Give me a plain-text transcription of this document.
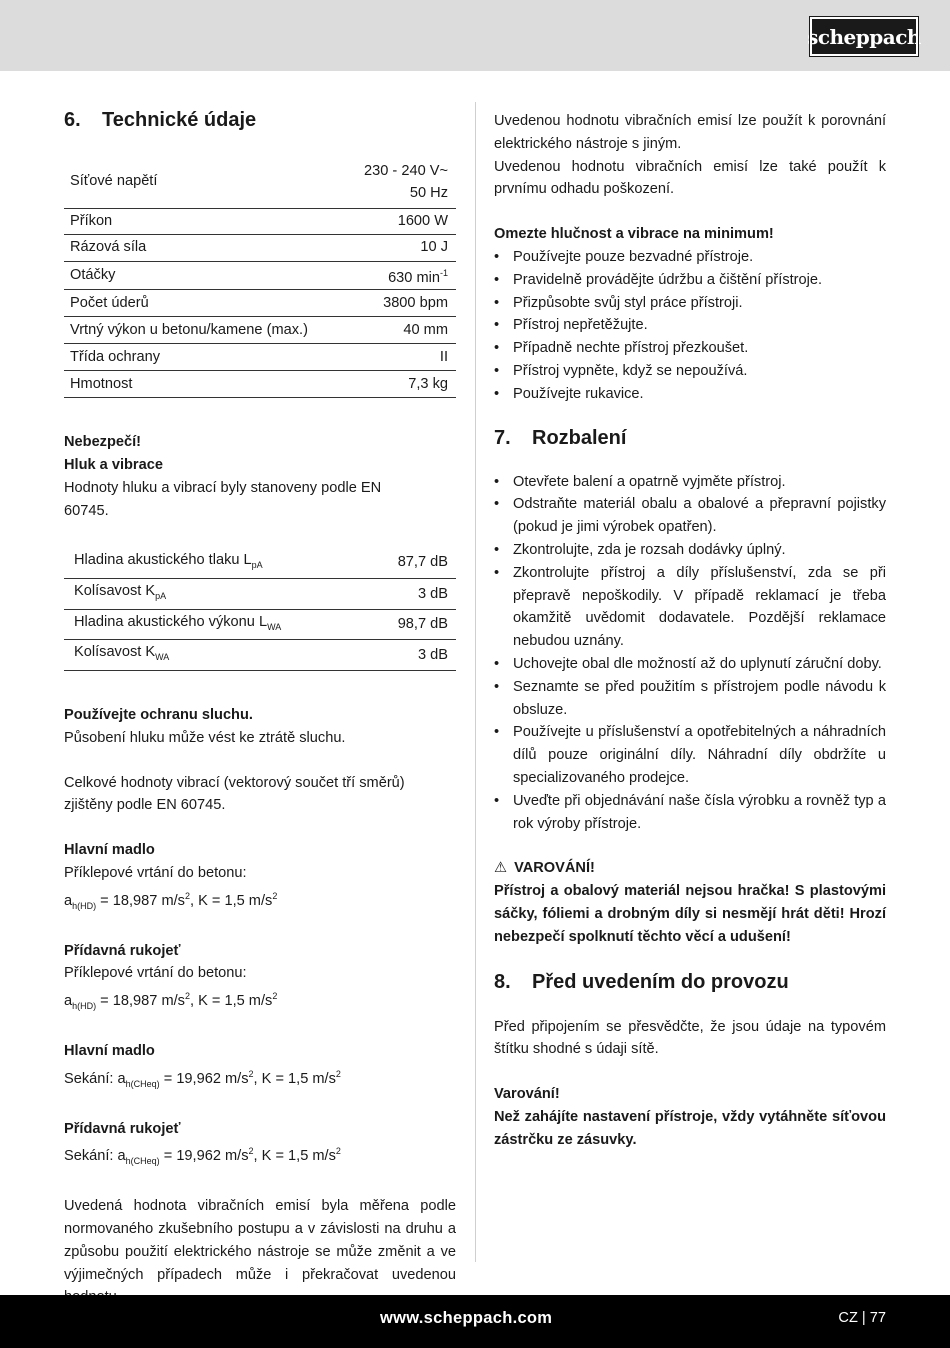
scheppach
6.	Technické údaje
Síťové napětí	230 - 240 V~
50 Hz

Příkon	1600 W
Rázová síla	10 J
Otáčky	630 $\min^{-1}$
Počet úderů	3800 bpm
Vrtný výkon u betonu/kamene (max.)	40 mm
Třída ochrany	II
Hmotnost	7,3 kg

Nebezpečí!

Hluk a vibrace

Hodnoty hluku a vibrací byly stanoveny podle EN 60745.

Hladina akustického tlaku $L_{pA}$	87,7 dB
Kolísavost $K_{pA}$	3 dB
Hladina akustického výkonu $L_{WA}$	98,7 dB
Kolísavost $K_{WA}$	3 dB

Používejte ochranu sluchu.

Působení hluku může vést ke ztrátě sluchu.

Celkové hodnoty vibrací (vektorový součet tří směrů) zjištěny podle EN 60745.

Hlavní madlo

Příklepové vrtání do betonu:

$a_{h(HD)} = 18,987$ $m/s^2$, K = 1,5 $m/s^2$

Přídavná rukojeť

Příklepové vrtání do betonu:

$a_{h(HD)} = 18,987$ $m/s^2$, K = 1,5 $m/s^2$

Hlavní madlo

Sekání: $a_{h(CHeq)} = 19,962$ $m/s^2$, K = 1,5 $m/s^2$

Přídavná rukojeť

Sekání: $a_{h(CHeq)} = 19,962$ $m/s^2$, K = 1,5 $m/s^2$

Uvedená hodnota vibračních emisí byla měřena podle normovaného zkušebního postupu a v závislosti na druhu a způsobu použití elektrického nástroje se může změnit a ve výjimečných případech může i překračovat uvedenou

Uvedenou hodnotu vibračních emisí lze použít k porovnání elektrického nástroje s jiným.

Uvedenou hodnotu vibračních emisí lze také použít k prvnímu odhadu poškození.

Omezte hlučnost a vibrace na minimum!

• Používejte pouze bezvadné přístroje.
• Pravidelně provádějte údržbu a čištění přístroje.
• Přizpůsobte svůj styl práce přístroji.
• Přístroj nepřetěžujte.
• Případně nechte přístroj přezkoušet.
• Přístroj vypněte, když se nepoužívá.
• Používejte rukavice.
7.	Rozbalení
• Otevřete balení a opatrně vyjměte přístroj.
• Odstraňte materiál obalu a obalové a přepravní pojistky (pokud je jimi výrobek opatřen).
• Zkontrolujte, zda je rozsah dodávky úplný.
• Zkontrolujte přístroj a díly příslušenství, zda se při přepravě nepoškodily. V případě reklamací je třeba okamžitě uvědomit dodavatele. Pozdější reklamace nebudou uznány.
• Uchovejte obal dle možností až do uplynutí záruční doby.
• Seznamte se před použitím s přístrojem podle návodu k obsluze.
• Používejte u příslušenství a opotřebitelných a náhradních dílů pouze originální díly. Náhradní díly obdržíte u specializovaného prodejce.
• Uveďte při objednávání naše čísla výrobku a rovněž typ a rok výroby přístroje.

⚠ VAROVÁNÍ!

Přístroj a obalový materiál nejsou hračka! S plastovými sáčky, fóliemi a drobným díly si nesmějí hrát děti! Hrozí nebezpečí spolknutí těchto věcí a udušení!

8.	Před uvedením do provozu

Před připojením se přesvědčte, že jsou údaje na typovém štítku shodné s údaji sítě.

Varování!

Než zahájíte nastavení přístroje, vždy vytáhněte síťovou zástrčku ze zásuvky.

www.scheppach.com	CZ | 77
